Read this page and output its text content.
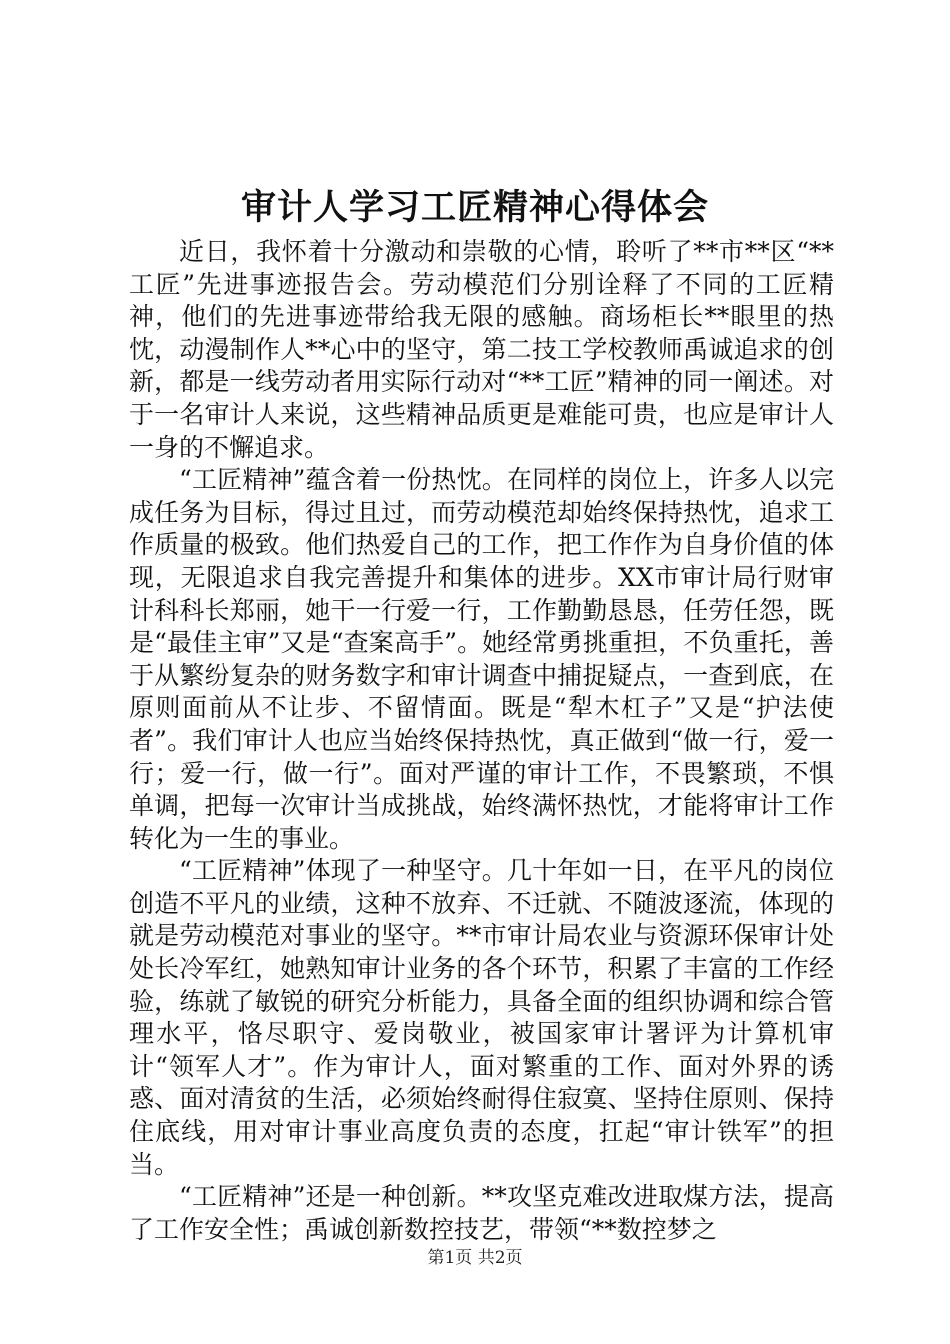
审计人学习工匠精神心得体会

近日，我怀着十分激动和崇敬的心情，聆听了**市**区“**工匠”先进事迹报告会。劳动模范们分别诠释了不同的工匠精神，他们的先进事迹带给我无限的感触。商场柜长**眼里的热忱，动漫制作人**心中的坚守，第二技工学校教师禹诚追求的创新，都是一线劳动者用实际行动对“**工匠”精神的同一阐述。对于一名审计人来说，这些精神品质更是难能可贵，也应是审计人一身的不懈追求。

“工匠精神”蕴含着一份热忱。在同样的岗位上，许多人以完成任务为目标，得过且过，而劳动模范却始终保持热忱，追求工作质量的极致。他们热爱自己的工作，把工作作为自身价值的体现，无限追求自我完善提升和集体的进步。XX市审计局行财审计科科长郑丽，她干一行爱一行，工作勤勤恳恳，任劳任怨，既是“最佳主审”又是“查案高手”。她经常勇挑重担，不负重托，善于从繁纷复杂的财务数字和审计调查中捕捉疑点，一查到底，在原则面前从不让步、不留情面。既是“犁木杠子”又是“护法使者”。我们审计人也应当始终保持热忱，真正做到“做一行，爱一行；爱一行，做一行”。面对严谨的审计工作，不畏繁琐，不惧单调，把每一次审计当成挑战，始终满怀热忱，才能将审计工作转化为一生的事业。

“工匠精神”体现了一种坚守。几十年如一日，在平凡的岗位创造不平凡的业绩，这种不放弃、不迁就、不随波逐流，体现的就是劳动模范对事业的坚守。**市审计局农业与资源环保审计处处长冷军红，她熟知审计业务的各个环节，积累了丰富的工作经验，练就了敏锐的研究分析能力，具备全面的组织协调和综合管理水平，恪尽职守、爱岗敬业，被国家审计署评为计算机审计“领军人才”。作为审计人，面对繁重的工作、面对外界的诱惑、面对清贫的生活，必须始终耐得住寂寞、坚持住原则、保持住底线，用对审计事业高度负责的态度，扛起“审计铁军”的担当。

“工匠精神”还是一种创新。**攻坚克难改进取煤方法，提高了工作安全性；禹诚创新数控技艺，带领“**数控梦之

第1页 共2页
